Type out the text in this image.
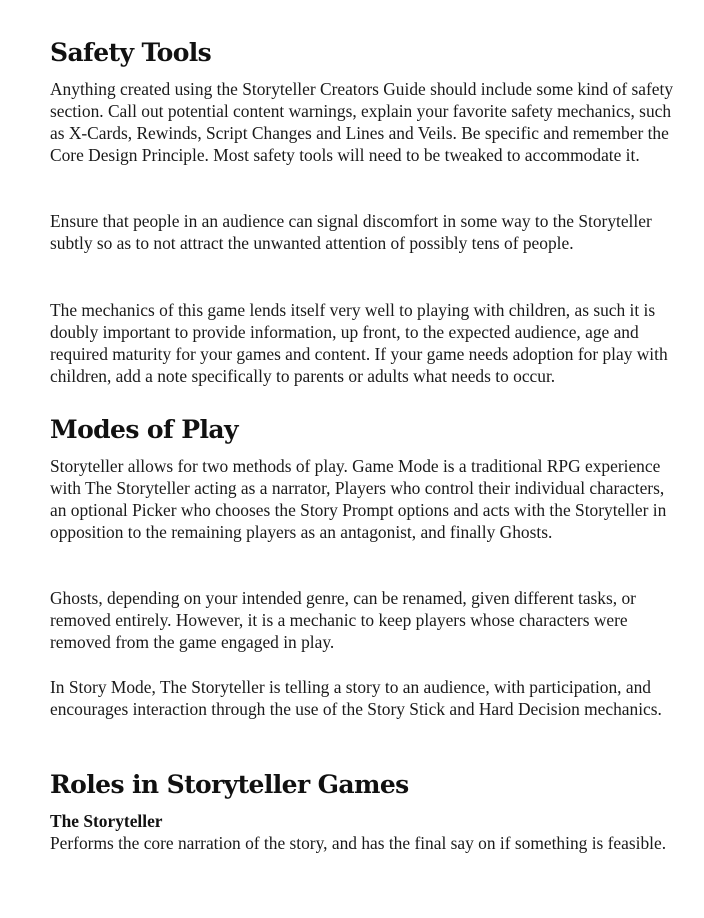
Safety Tools

Anything created using the Storyteller Creators Guide should include some kind of safety section. Call out potential content warnings, explain your favorite safety mechanics, such as X-Cards, Rewinds, Script Changes and Lines and Veils. Be specific and remember the Core Design Principle. Most safety tools will need to be tweaked to accommodate it.

Ensure that people in an audience can signal discomfort in some way to the Storyteller subtly so as to not attract the unwanted attention of possibly tens of people.

The mechanics of this game lends itself very well to playing with children, as such it is doubly important to provide information, up front, to the expected audience, age and required maturity for your games and content. If your game needs adoption for play with children, add a note specifically to parents or adults what needs to occur.

Modes of Play

Storyteller allows for two methods of play. Game Mode is a traditional RPG experience with The Storyteller acting as a narrator, Players who control their individual characters, an optional Picker who chooses the Story Prompt options and acts with the Storyteller in opposition to the remaining players as an antagonist, and finally Ghosts.

Ghosts, depending on your intended genre, can be renamed, given different tasks, or removed entirely. However, it is a mechanic to keep players whose characters were removed from the game engaged in play.

In Story Mode, The Storyteller is telling a story to an audience, with participation, and encourages interaction through the use of the Story Stick and Hard Decision mechanics.

Roles in Storyteller Games
The Storyteller

Performs the core narration of the story, and has the final say on if something is feasible.
